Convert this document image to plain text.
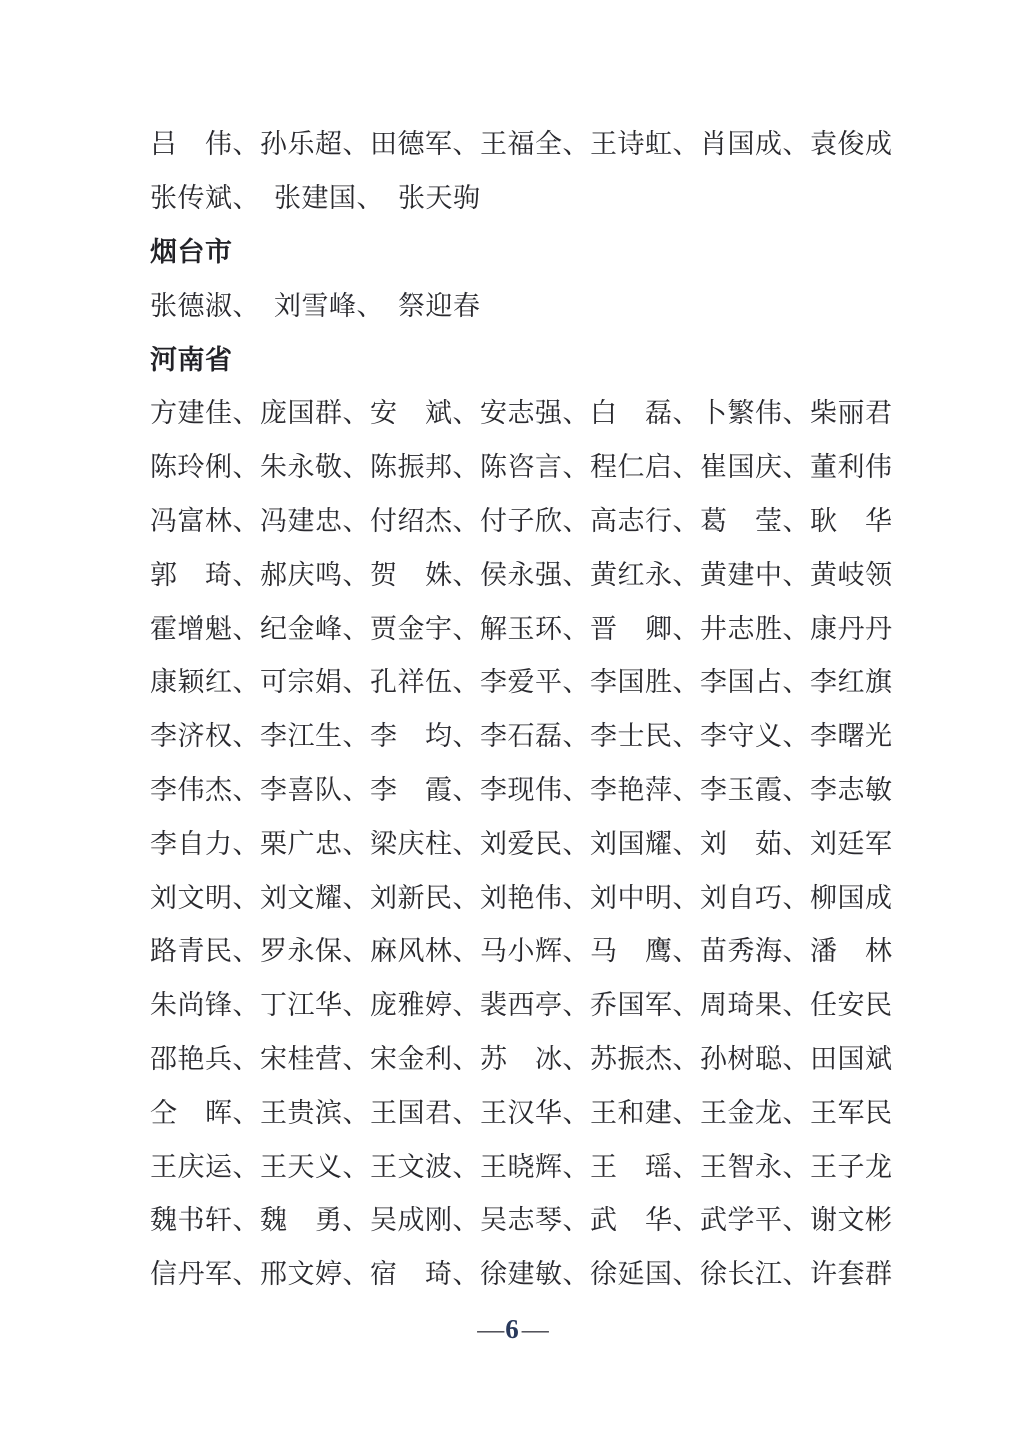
吕　伟、 孙乐超、 田德军、 王福全、 王诗虹、 肖国成、 袁俊成
张传斌、 张建国、 张天驹
烟台市
张德淑、 刘雪峰、 祭迎春
河南省
方建佳、 庞国群、 安　斌、 安志强、 白　磊、 卜繁伟、 柴丽君
陈玲俐、 朱永敬、 陈振邦、 陈咨言、 程仁启、 崔国庆、 董利伟
冯富林、 冯建忠、 付绍杰、 付子欣、 高志行、 葛　莹、 耿　华
郭　琦、 郝庆鸣、 贺　姝、 侯永强、 黄红永、 黄建中、 黄岐领
霍增魁、 纪金峰、 贾金宇、 解玉环、 晋　卿、 井志胜、 康丹丹
康颖红、 可宗娟、 孔祥伍、 李爱平、 李国胜、 李国占、 李红旗
李济权、 李江生、 李　均、 李石磊、 李士民、 李守义、 李曙光
李伟杰、 李喜队、 李　霞、 李现伟、 李艳萍、 李玉霞、 李志敏
李自力、 栗广忠、 梁庆柱、 刘爱民、 刘国耀、 刘　茹、 刘廷军
刘文明、 刘文耀、 刘新民、 刘艳伟、 刘中明、 刘自巧、 柳国成
路青民、 罗永保、 麻风林、 马小辉、 马　鹰、 苗秀海、 潘　林
朱尚锋、 丁江华、 庞雅婷、 裴西亭、 乔国军、 周琦果、 任安民
邵艳兵、 宋桂营、 宋金利、 苏　冰、 苏振杰、 孙树聪、 田国斌
仝　晖、 王贵滨、 王国君、 王汉华、 王和建、 王金龙、 王军民
王庆运、 王天义、 王文波、 王晓辉、 王　瑶、 王智永、 王子龙
魏书轩、 魏　勇、 吴成刚、 吴志琴、 武　华、 武学平、 谢文彬
信丹军、 邢文婷、 宿　琦、 徐建敏、 徐延国、 徐长江、 许套群
— 6 —
